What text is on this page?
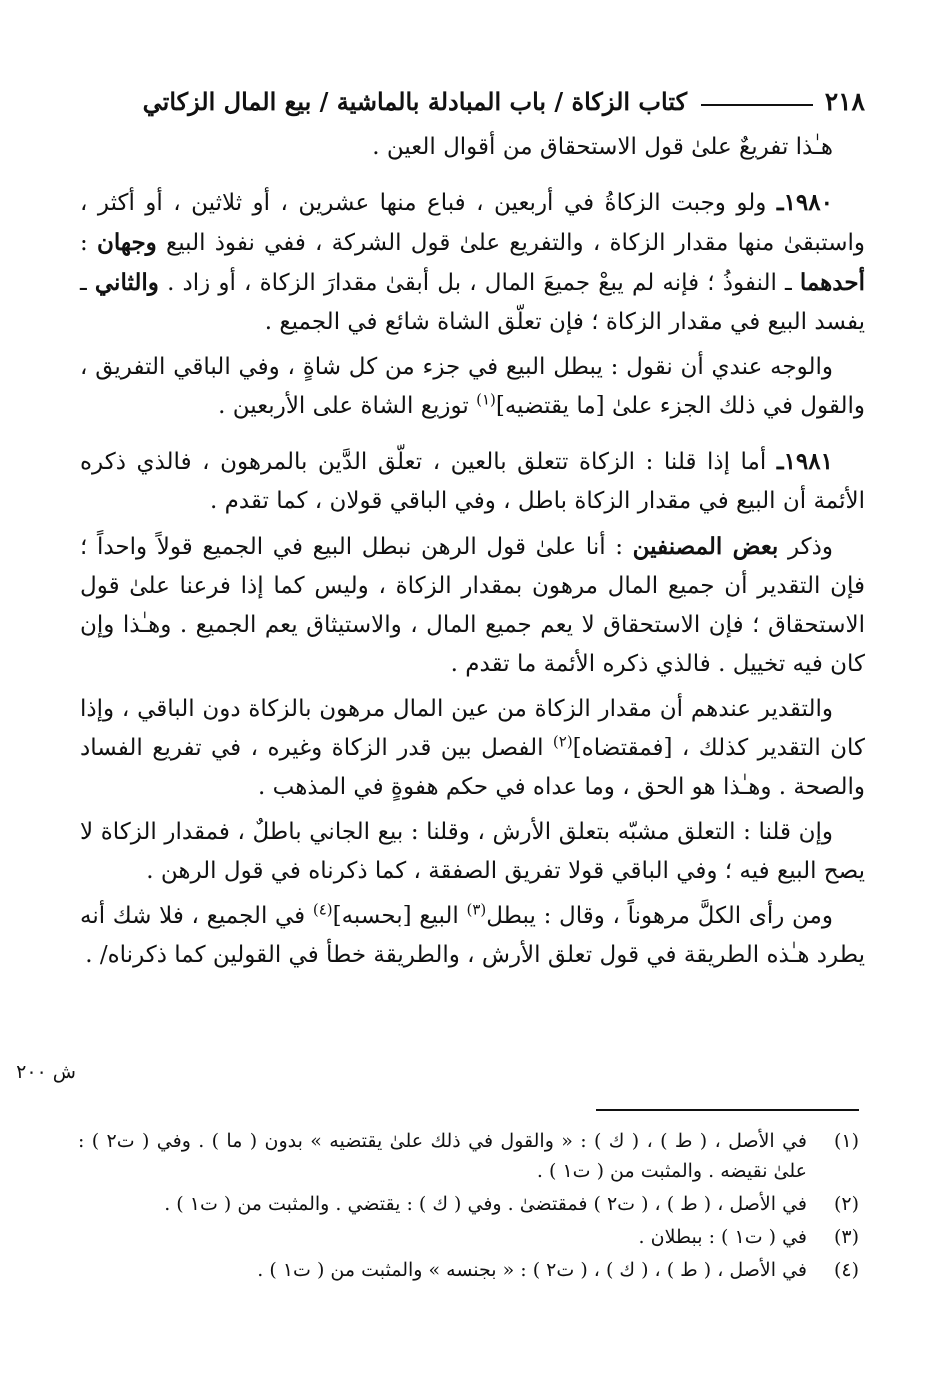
٢١٨
كتاب الزكاة / باب المبادلة بالماشية / بيع المال الزكاتي

هـٰذا تفريعٌ علىٰ قول الاستحقاق من أقوال العين .

١٩٨٠ـ ولو وجبت الزكاةُ في أربعين ، فباع منها عشرين ، أو ثلاثين ، أو أكثر ، واستبقىٰ منها مقدار الزكاة ، والتفريع علىٰ قول الشركة ، ففي نفوذ البيع وجهان : أحدهما ـ النفوذُ ؛ فإنه لم يبعْ جميعَ المال ، بل أبقىٰ مقدارَ الزكاة ، أو زاد . والثاني ـ يفسد البيع في مقدار الزكاة ؛ فإن تعلّق الشاة شائع في الجميع .

والوجه عندي أن نقول : يبطل البيع في جزء من كل شاةٍ ، وفي الباقي التفريق ، والقول في ذلك الجزء علىٰ [ما يقتضيه]$^{(١)}$ توزيع الشاة على الأربعين .

١٩٨١ـ أما إذا قلنا : الزكاة تتعلق بالعين ، تعلّق الدَّين بالمرهون ، فالذي ذكره الأئمة أن البيع في مقدار الزكاة باطل ، وفي الباقي قولان ، كما تقدم .

وذكر بعض المصنفين : أنا علىٰ قول الرهن نبطل البيع في الجميع قولاً واحداً ؛ فإن التقدير أن جميع المال مرهون بمقدار الزكاة ، وليس كما إذا فرعنا علىٰ قول الاستحقاق ؛ فإن الاستحقاق لا يعم جميع المال ، والاستيثاق يعم الجميع . وهـٰذا وإن كان فيه تخييل . فالذي ذكره الأئمة ما تقدم .

والتقدير عندهم أن مقدار الزكاة من عين المال مرهون بالزكاة دون الباقي ، وإذا كان التقدير كذلك ، [فمقتضاه]$^{(٢)}$ الفصل بين قدر الزكاة وغيره ، في تفريع الفساد والصحة . وهـٰذا هو الحق ، وما عداه في حكم هفوةٍ في المذهب .

وإن قلنا : التعلق مشبّه بتعلق الأرش ، وقلنا : بيع الجاني باطلٌ ، فمقدار الزكاة لا يصح البيع فيه ؛ وفي الباقي قولا تفريق الصفقة ، كما ذكرناه في قول الرهن .

ومن رأى الكلَّ مرهوناً ، وقال : يبطل$^{(٣)}$ البيع [بحسبه]$^{(٤)}$ في الجميع ، فلا شك أنه يطرد هـٰذه الطريقة في قول تعلق الأرش ، والطريقة خطأ في القولين كما ذكرناه/ .

ش ٢٠٠
(١)
في الأصل ، ( ط ) ، ( ك ) : « والقول في ذلك علىٰ يقتضيه » بدون ( ما ) . وفي ( ت٢ ) : علىٰ نقيضه . والمثبت من ( ت١ ) .
(٢)
في الأصل ، ( ط ) ، ( ت٢ ) فمقتضىٰ . وفي ( ك ) : يقتضي . والمثبت من ( ت١ ) .
(٣)
في ( ت١ ) : ببطلان .
(٤)
في الأصل ، ( ط ) ، ( ك ) ، ( ت٢ ) : « بجنسه » والمثبت من ( ت١ ) .
